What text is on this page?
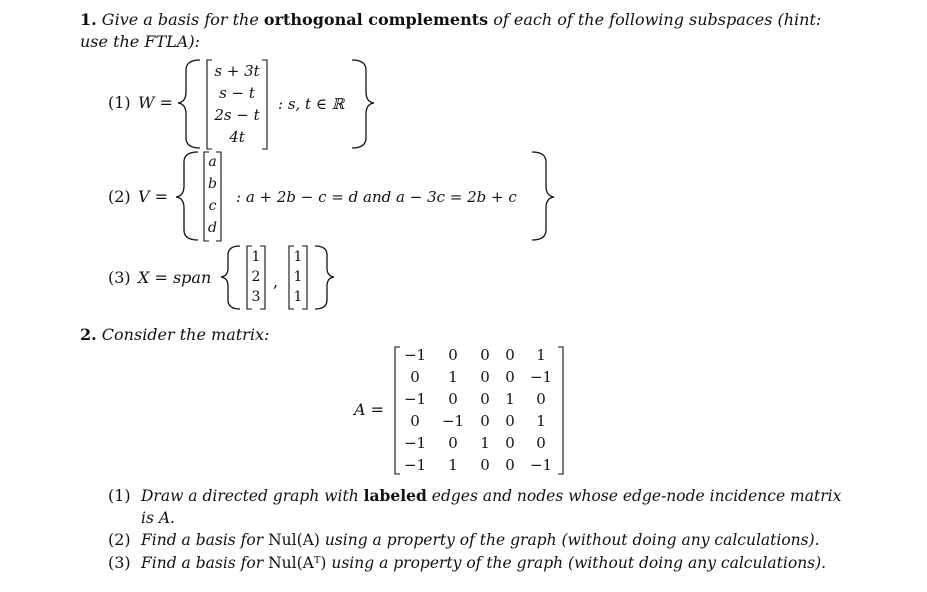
1. Give a basis for the orthogonal complements of each of the following subspaces (hint:
use the FTLA):
(1) W =
s + 3t
s − t
2s − t
4t
: s, t ∈ ℝ
(2) V =
a
b
c
d
: a + 2b − c = d and a − 3c = 2b + c
(3) X = span
1
2
3
,
1
1
1
2. Consider the matrix:
A =
−1	0	0 0	1
0	1	0 0 −1
−1	0	0 1	0
0	−1 0 0	1
−1	0	1 0	0
−1	1	0 0 −1
(1) Draw a directed graph with labeled edges and nodes whose edge-node incidence matrix
is A.
(2) Find a basis for Nul(A) using a property of the graph (without doing any calculations).
(3) Find a basis for Nul(Aᵀ) using a property of the graph (without doing any calculations).
